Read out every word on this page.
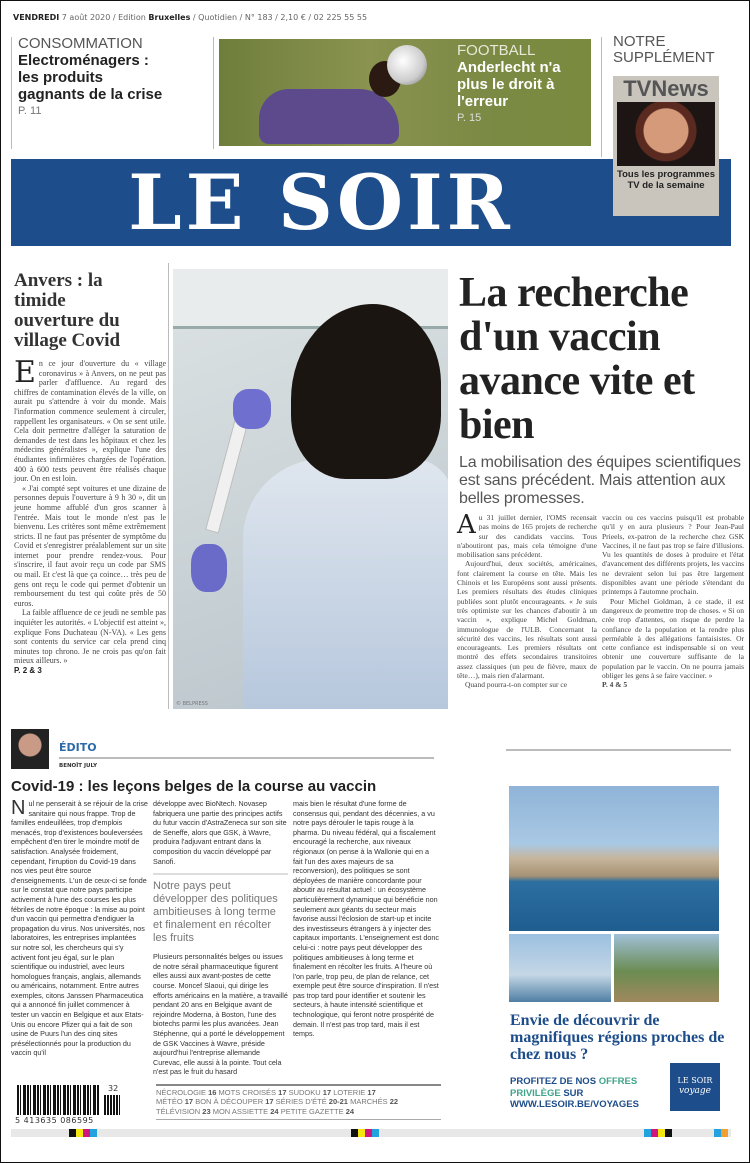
VENDREDI 7 août 2020 / Edition Bruxelles / Quotidien / N° 183 / 2,10 € / 02 225 55 55
CONSOMMATION
Electroménagers : les produits gagnants de la crise
P. 11
FOOTBALL
Anderlecht n'a plus le droit à l'erreur
P. 15
NOTRE
SUPPLÉMENT
LE SOIR
TVNews
Tous les programmes TV de la semaine
Anvers : la timide ouverture du village Covid
E n ce jour d'ouverture du « village coronavirus » à Anvers, on ne peut pas parler d'affluence. Au regard des chiffres de contamination élevés de la ville, on aurait pu s'attendre à voir du monde. Mais l'information commence seulement à circuler, rappellent les organisateurs. « On se sent utile. Cela doit permettre d'alléger la saturation de demandes de test dans les hôpitaux et chez les médecins généralistes », explique l'une des étudiantes infirmières chargées de l'opération. 400 à 600 tests peuvent être réalisés chaque jour. On en est loin.

« J'ai compté sept voitures et une dizaine de personnes depuis l'ouverture à 9 h 30 », dit un jeune homme affublé d'un gros scanner à l'entrée. Mais tout le monde n'est pas le bienvenu. Les critères sont même extrêmement stricts. Il ne faut pas présenter de symptôme du Covid et s'enregistrer préalablement sur un site internet pour prendre rendez-vous. Pour s'inscrire, il faut avoir reçu un code par SMS ou mail. Et c'est là que ça coince… très peu de gens ont reçu le code qui permet d'obtenir un remboursement du test qui coûte près de 50 euros.

La faible affluence de ce jeudi ne semble pas inquiéter les autorités. « L'objectif est atteint », explique Fons Duchateau (N-VA). « Les gens sont contents du service car cela prend cinq minutes top chrono. Je ne crois pas qu'on fait mieux ailleurs. »

P. 2 & 3
© BELPRESS
La recherche d'un vaccin avance vite et bien
La mobilisation des équipes scientifiques est sans précédent. Mais attention aux belles promesses.
A u 31 juillet dernier, l'OMS recensait pas moins de 165 projets de recherche sur des candidats vaccins. Tous n'aboutiront pas, mais cela témoigne d'une mobilisation sans précédent.

Aujourd'hui, deux sociétés, américaines, font clairement la course en tête. Mais les Chinois et les Européens sont aussi présents. Les premiers résultats des études cliniques publiées sont plutôt encourageants. « Je suis très optimiste sur les chances d'aboutir à un vaccin », explique Michel Goldman, immunologue de l'ULB. Concernant la sécurité des vaccins, les résultats sont aussi encourageants. Les premiers résultats ont montré des effets secondaires transitoires assez classiques (un peu de fièvre, maux de tête…), mais rien d'alarmant.

Quand pourra-t-on compter sur ce

vaccin ou ces vaccins puisqu'il est probable qu'il y en aura plusieurs ? Pour Jean-Paul Prieels, ex-patron de la recherche chez GSK Vaccines, il ne faut pas trop se faire d'illusions. Vu les quantités de doses à produire et l'état d'avancement des différents projets, les vaccins ne devraient selon lui pas être largement disponibles avant une période s'étendant du printemps à l'automne prochain.

Pour Michel Goldman, à ce stade, il est dangereux de promettre trop de choses. « Si on crée trop d'attentes, on risque de perdre la confiance de la population et la rendre plus perméable à des allégations fantaisistes. Or cette confiance est indispensable si on veut obtenir une couverture suffisante de la population par le vaccin. On ne pourra jamais obliger les gens à se faire vacciner. »

P. 4 & 5
ÉDITO
BENOÎT JULY
Covid-19 : les leçons belges de la course au vaccin
N ul ne penserait à se réjouir de la crise sanitaire qui nous frappe. Trop de familles endeuillées, trop d'emplois menacés, trop d'existences bouleversées empêchent d'en tirer le moindre motif de satisfaction. Analysée froidement, cependant, l'irruption du Covid-19 dans nos vies peut être source d'enseignements. L'un de ceux-ci se fonde sur le constat que notre pays participe activement à l'une des courses les plus fébriles de notre époque : la mise au point d'un vaccin qui permettra d'endiguer la propagation du virus. Nos universités, nos laboratoires, les entreprises implantées sur notre sol, les chercheurs qui s'y activent font jeu égal, sur le plan scientifique ou industriel, avec leurs homologues français, anglais, allemands ou américains, notamment. Entre autres exemples, citons Janssen Pharmaceutica qui a annoncé fin juillet commencer à tester un vaccin en Belgique et aux Etats-Unis ou encore Pfizer qui a fait de son usine de Puurs l'un des cinq sites présélectionnés pour la production du vaccin qu'il
développe avec BioNtech. Novasep fabriquera une partie des principes actifs du futur vaccin d'AstraZeneca sur son site de Seneffe, alors que GSK, à Wavre, produira l'adjuvant entrant dans la composition du vaccin développé par Sanofi.
Notre pays peut développer des politiques ambitieuses à long terme et finalement en récolter les fruits
Plusieurs personnalités belges ou issues de notre sérail pharmaceutique figurent elles aussi aux avant-postes de cette course. Moncef Slaoui, qui dirige les efforts américains en la matière, a travaillé pendant 20 ans en Belgique avant de rejoindre Moderna, à Boston, l'une des biotechs parmi les plus avancées. Jean Stéphenne, qui a porté le développement de GSK Vaccines à Wavre, préside aujourd'hui l'entreprise allemande Curevac, elle aussi à la pointe. Tout cela n'est pas le fruit du hasard
mais bien le résultat d'une forme de consensus qui, pendant des décennies, a vu notre pays dérouler le tapis rouge à la pharma. Du niveau fédéral, qui a fiscalement encouragé la recherche, aux niveaux régionaux (on pense à la Wallonie qui en a fait l'un des axes majeurs de sa reconversion), des politiques se sont déployées de manière concordante pour aboutir au résultat actuel : un écosystème particulièrement dynamique qui bénéficie non seulement aux géants du secteur mais favorise aussi l'éclosion de start-up et incite des investisseurs étrangers à y injecter des capitaux importants. L'enseignement est donc celui-ci : notre pays peut développer des politiques ambitieuses à long terme et finalement en récolter les fruits. A l'heure où l'on parle, trop peu, de plan de relance, cet exemple peut être source d'inspiration. Il n'est pas trop tard pour identifier et soutenir les secteurs, à haute intensité scientifique et technologique, qui feront notre prospérité de demain. Il n'est pas trop tard, mais il est temps.
Envie de découvrir de magnifiques régions proches de chez nous ?
PROFITEZ DE NOS OFFRES
PRIVILÈGE SUR
WWW.LESOIR.BE/VOYAGES
LE SOIR
voyage
5 413635 086595
32	NÉCROLOGIE 16 MOTS CROISÉS 17 SUDOKU 17 LOTERIE 17
MÉTÉO 17 BON À DÉCOUPER 17 SÉRIES D'ÉTÉ 20-21 MARCHÉS 22
TÉLÉVISION 23 MON ASSIETTE 24 PETITE GAZETTE 24
